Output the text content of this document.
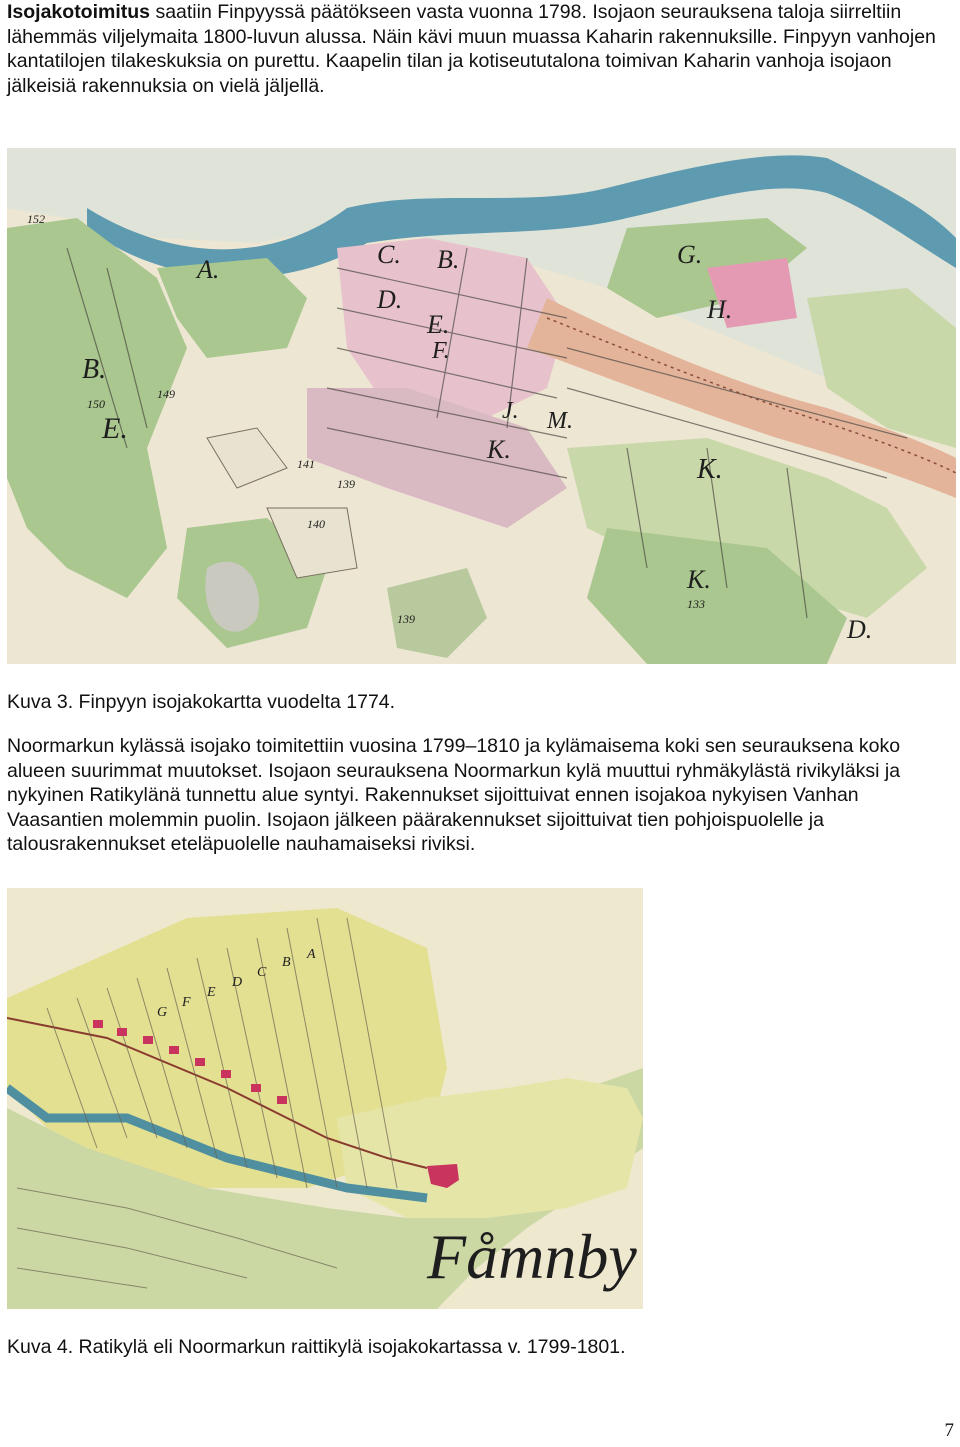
Isojakotoimitus saatiin Finpyyssä päätökseen vasta vuonna 1798. Isojaon seurauksena taloja siirreltiin lähemmäs viljelymaita 1800-luvun alussa. Näin kävi muun muassa Kaharin rakennuksille. Finpyyn vanhojen kantatilojen tilakeskuksia on purettu. Kaapelin tilan ja kotiseututalona toimivan Kaharin vanhoja isojaon jälkeisiä rakennuksia on vielä jäljellä.

A.	B.
C.
D.
E.
F.
G.
H.
K.
J. M.
B.
E.
K.
K.
D.
150
149
139
140
141
139
133
152

Kuva 3. Finpyyn isojakokartta vuodelta 1774.

Noormarkun kylässä isojako toimitettiin vuosina 1799–1810 ja kylämaisema koki sen seurauksena koko alueen suurimmat muutokset. Isojaon seurauksena Noormarkun kylä muuttui ryhmäkylästä rivikyläksi ja nykyinen Ratikylänä tunnettu alue syntyi. Rakennukset sijoittuivat ennen isojakoa nykyisen Vanhan Vaasantien molemmin puolin. Isojaon jälkeen päärakennukset sijoittuivat tien pohjoispuolelle ja talousrakennukset eteläpuolelle nauhamaiseksi riviksi.

A
B
C
D
E
F
G
Fåmnby

Kuva 4. Ratikylä eli Noormarkun raittikylä isojakokartassa v. 1799-1801.

7
